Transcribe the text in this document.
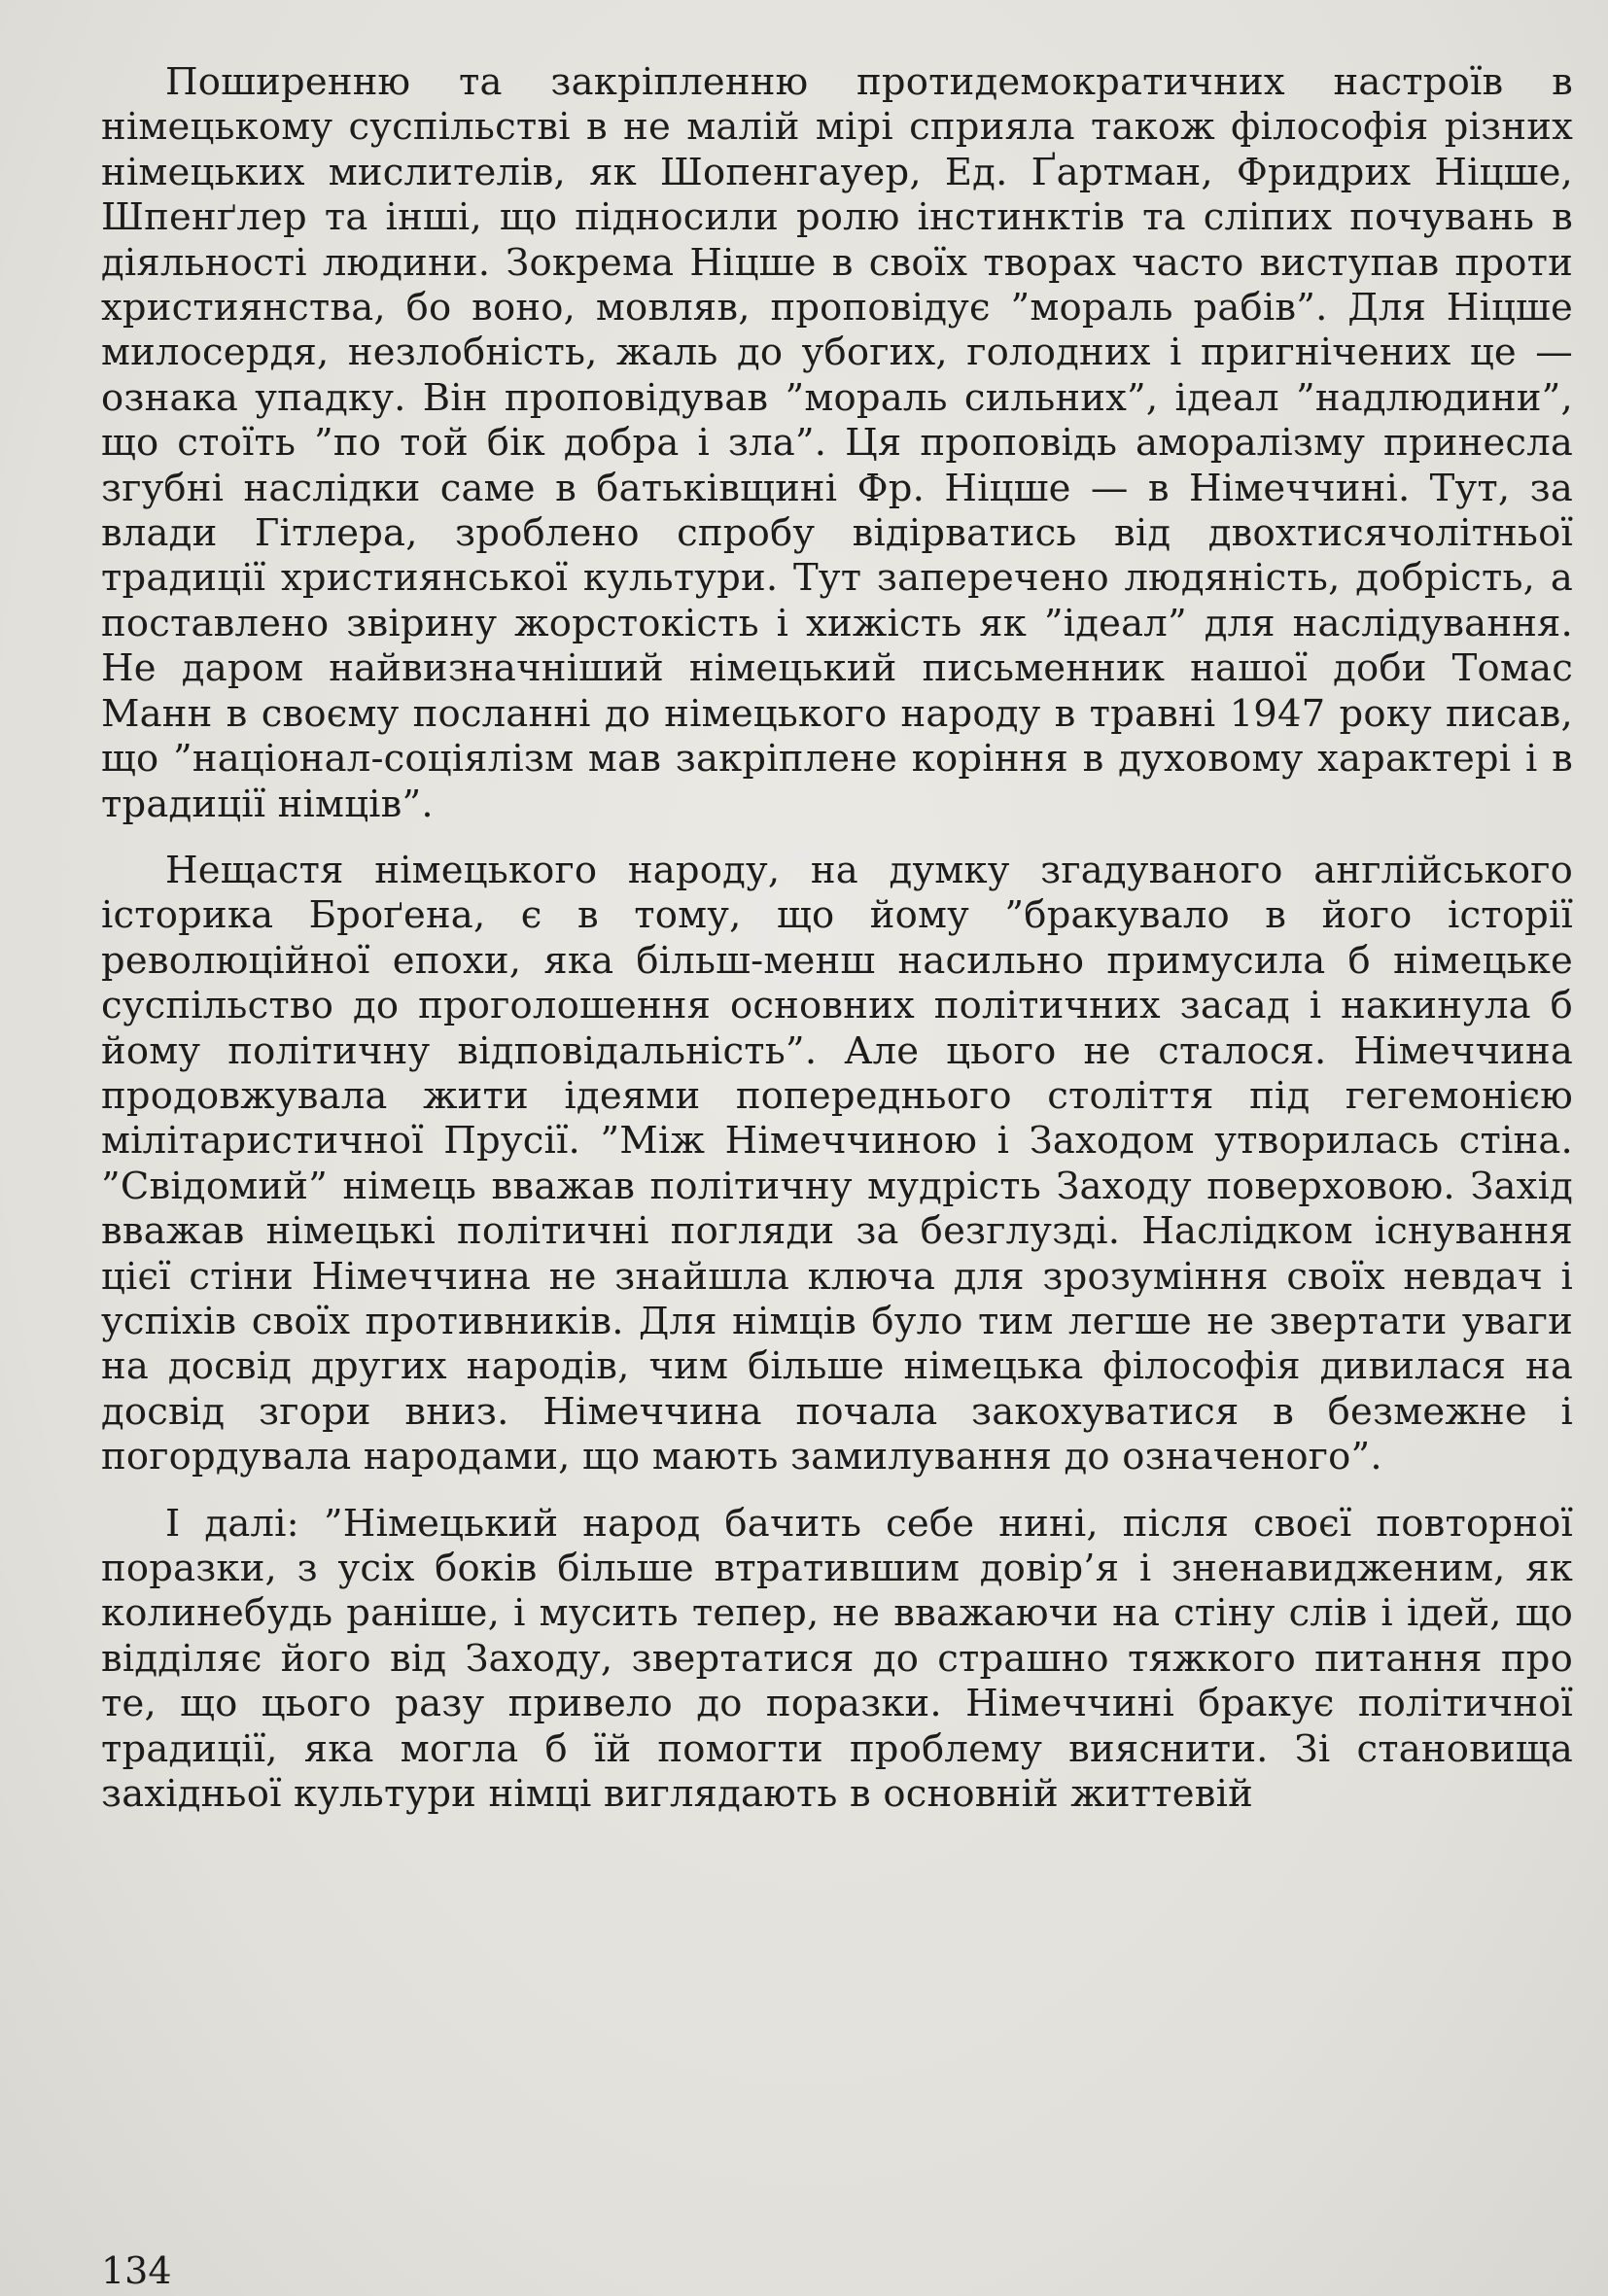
Поширенню та закріпленню протидемократичних настроїв в німецькому суспільстві в не малій мірі сприяла також філософія різних німецьких мислителів, як Шопенгауер, Ед. Ґартман, Фридрих Ніцше, Шпенґлер та інші, що підносили ролю інстинктів та сліпих почувань в діяльності людини. Зокрема Ніцше в своїх творах часто виступав проти християнства, бо воно, мовляв, проповідує ”мораль рабів”. Для Ніцше милосердя, незлобність, жаль до убогих, голодних і пригнічених це — ознака упадку. Він проповідував ”мораль сильних”, ідеал ”надлюдини”, що стоїть ”по той бік добра і зла”. Ця проповідь аморалізму принесла згубні наслідки саме в батьківщині Фр. Ніцше — в Німеччині. Тут, за влади Гітлера, зроблено спробу відірватись від двохтисячолітньої традиції християнської культури. Тут заперечено людяність, добрість, а поставлено звірину жорстокість і хижість як ”ідеал” для наслідування. Не даром найвизначніший німецький письменник нашої доби Томас Манн в своєму посланні до німецького народу в травні 1947 року писав, що ”націонал-соціялізм мав закріплене коріння в духовому характері і в традиції німців”.

Нещастя німецького народу, на думку згадуваного англійського історика Броґена, є в тому, що йому ”бракувало в його історії революційної епохи, яка більш-менш насильно примусила б німецьке суспільство до проголошення основних політичних засад і накинула б йому політичну відповідальність”. Але цього не сталося. Німеччина продовжувала жити ідеями попереднього століття під гегемонією мілітаристичної Прусії. ”Між Німеччиною і Заходом утворилась стіна. ”Свідомий” німець вважав політичну мудрість Заходу поверховою. Захід вважав німецькі політичні погляди за безглузді. Наслідком існування цієї стіни Німеччина не знайшла ключа для зрозуміння своїх невдач і успіхів своїх противників. Для німців було тим легше не звертати уваги на досвід других народів, чим більше німецька філософія дивилася на досвід згори вниз. Німеччина почала закохуватися в безмежне і погордувала народами, що мають замилування до означеного”.

І далі: ”Німецький народ бачить себе нині, після своєї повторної поразки, з усіх боків більше втратившим довір’я і зненавидженим, як колинебудь раніше, і мусить тепер, не вважаючи на стіну слів і ідей, що відділяє його від Заходу, звертатися до страшно тяжкого питання про те, що цього разу привело до поразки. Німеччині бракує політичної традиції, яка могла б їй помогти проблему вияснити. Зі становища західньої культури німці виглядають в основній життевій

134
